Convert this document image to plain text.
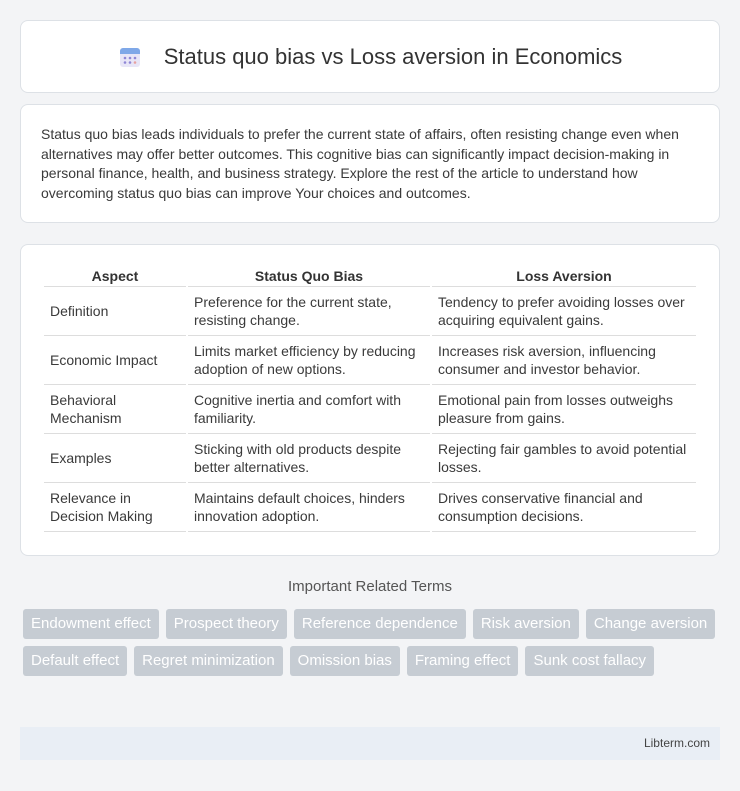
Status quo bias vs Loss aversion in Economics

Status quo bias leads individuals to prefer the current state of affairs, often resisting change even when alternatives may offer better outcomes. This cognitive bias can significantly impact decision-making in personal finance, health, and business strategy. Explore the rest of the article to understand how overcoming status quo bias can improve Your choices and outcomes.

Aspect	Status Quo Bias	Loss Aversion
Definition	Preference for the current state, resisting change.	Tendency to prefer avoiding losses over acquiring equivalent gains.
Economic Impact	Limits market efficiency by reducing adoption of new options.	Increases risk aversion, influencing consumer and investor behavior.
Behavioral Mechanism	Cognitive inertia and comfort with familiarity.	Emotional pain from losses outweighs pleasure from gains.
Examples	Sticking with old products despite better alternatives.	Rejecting fair gambles to avoid potential losses.
Relevance in Decision Making	Maintains default choices, hinders innovation adoption.	Drives conservative financial and consumption decisions.
Important Related Terms
Endowment effect	Prospect theory	Reference dependence	Risk aversion	Change aversion
Default effect	Regret minimization	Omission bias	Framing effect	Sunk cost fallacy
Libterm.com
